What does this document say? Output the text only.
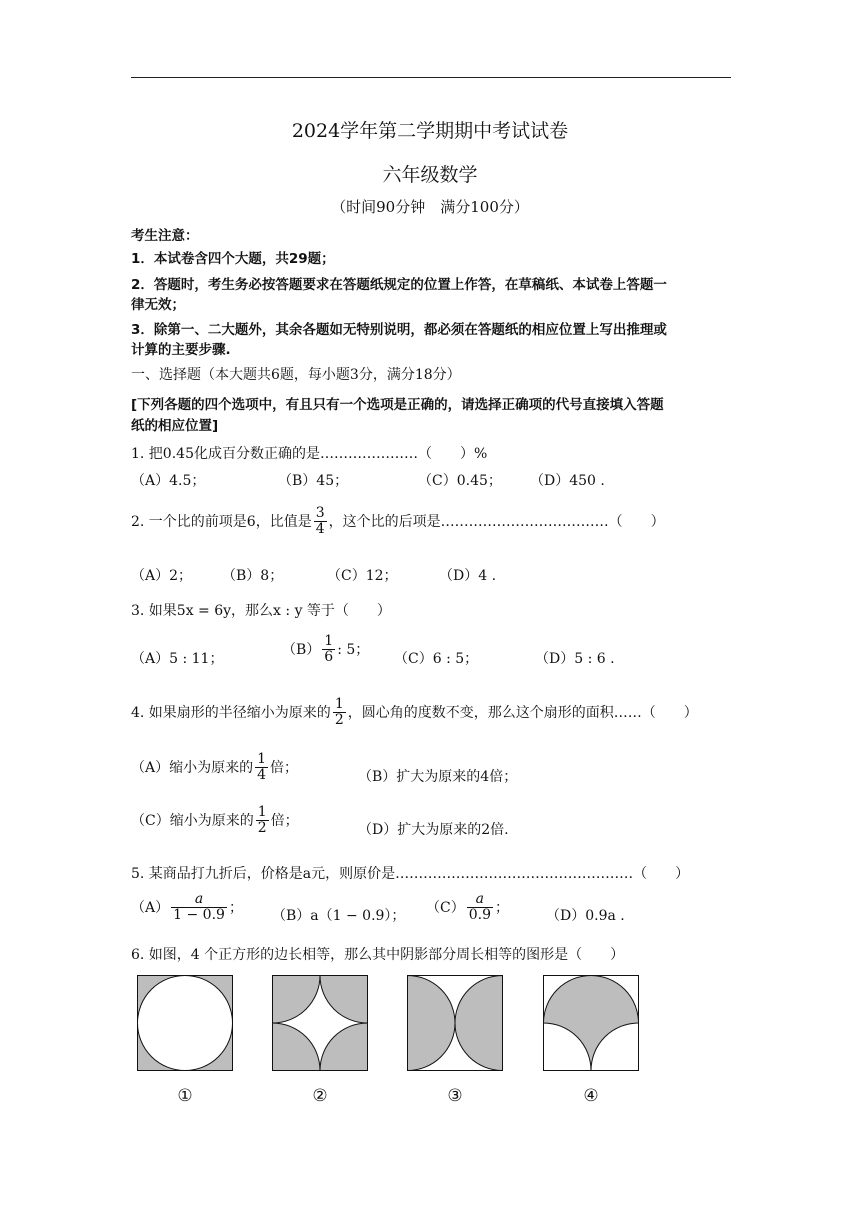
2024学年第二学期期中考试试卷
六年级数学
（时间90分钟　满分100分）
考生注意：
1．本试卷含四个大题，共29题；
2．答题时，考生务必按答题要求在答题纸规定的位置上作答，在草稿纸、本试卷上答题一
律无效；
3．除第一、二大题外，其余各题如无特别说明，都必须在答题纸的相应位置上写出推理或
计算的主要步骤.
一、选择题（本大题共6题，每小题3分，满分18分）
[下列各题的四个选项中，有且只有一个选项是正确的，请选择正确项的代号直接填入答题
纸的相应位置]
1. 把0.45化成百分数正确的是…………………（　　）%
（A）4.5；	（B）45；	（C）0.45； （D）450 .
2. 一个比的前项是6，比值是 $\frac{3}{4}$ ，这个比的后项是………………………………（　　）
（A）2； （B）8；	（C）12；	（D）4 .
3. 如果5x = 6y，那么x : y 等于（　　）
（A）5 : 11；
$(B) \frac{1}{6}$ : 5；
（C）6 : 5；	（D）5 : 6 .
4. 如果扇形的半径缩小为原来的 $\frac{1}{2}$ ，圆心角的度数不变，那么这个扇形的面积……（　　）
（A）缩小为原来的 $\frac{1}{4}$ 倍；
（B）扩大为原来的4倍；
（C）缩小为原来的 $\frac{1}{2}$ 倍；
（D）扩大为原来的2倍.
5. 某商品打九折后，价格是a元，则原价是……………………………………………（　　）
$(A) \frac{a}{1 - 0.9}$ ；
（B）a（1 − 0.9）；
$(C) \frac{a}{0.9}$ ；
（D）0.9a .
6. 如图，4 个正方形的边长相等，那么其中阴影部分周长相等的图形是（　　）
①	②	③	④
